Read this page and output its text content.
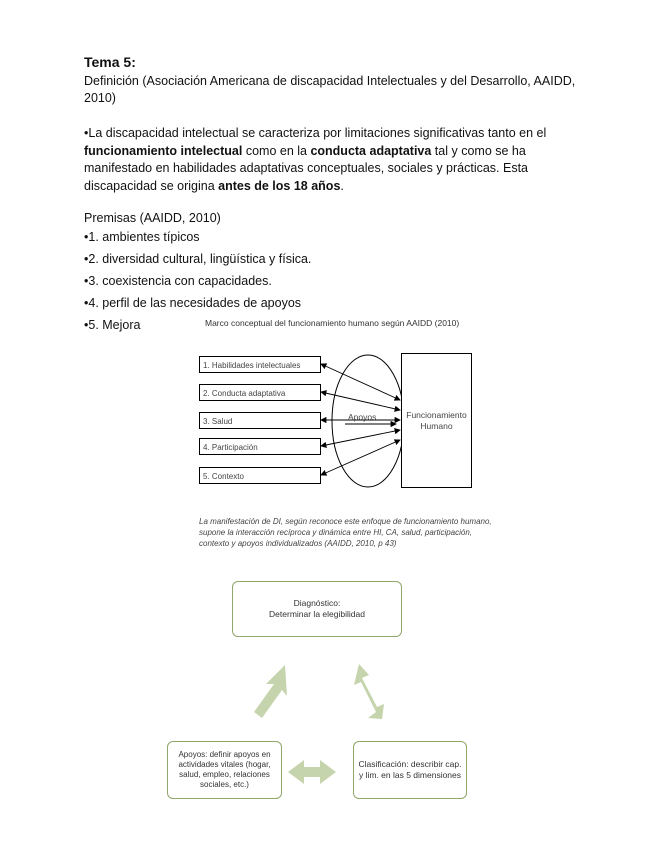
Tema 5:
Definición (Asociación Americana de discapacidad Intelectuales y del Desarrollo, AAIDD, 2010)
•La discapacidad intelectual se caracteriza por limitaciones significativas tanto en el funcionamiento intelectual como en la conducta adaptativa tal y como se ha manifestado en habilidades adaptativas conceptuales, sociales y prácticas. Esta discapacidad se origina antes de los 18 años.
Premisas (AAIDD, 2010)
•1. ambientes típicos
•2. diversidad cultural, lingüística y física.
•3. coexistencia con capacidades.
•4. perfil de las necesidades de apoyos
•5. Mejora	Marco conceptual del funcionamiento humano según AAIDD (2010)
1. Habilidades intelectuales
2. Conducta adaptativa
3. Salud
4. Participación
5. Contexto
Apoyos	Funcionamiento
Humano
La manifestación de DI, según reconoce este enfoque de funcionamiento humano, supone la interacción recíproca y dinámica entre HI, CA, salud, participación, contexto y apoyos individualizados (AAIDD, 2010, p 43)
Diagnóstico:
Determinar la elegibilidad
Apoyos: definir apoyos en actividades vitales (hogar, salud, empleo, relaciones sociales, etc.)
Clasificación: describir cap. y lim. en las 5 dimensiones
